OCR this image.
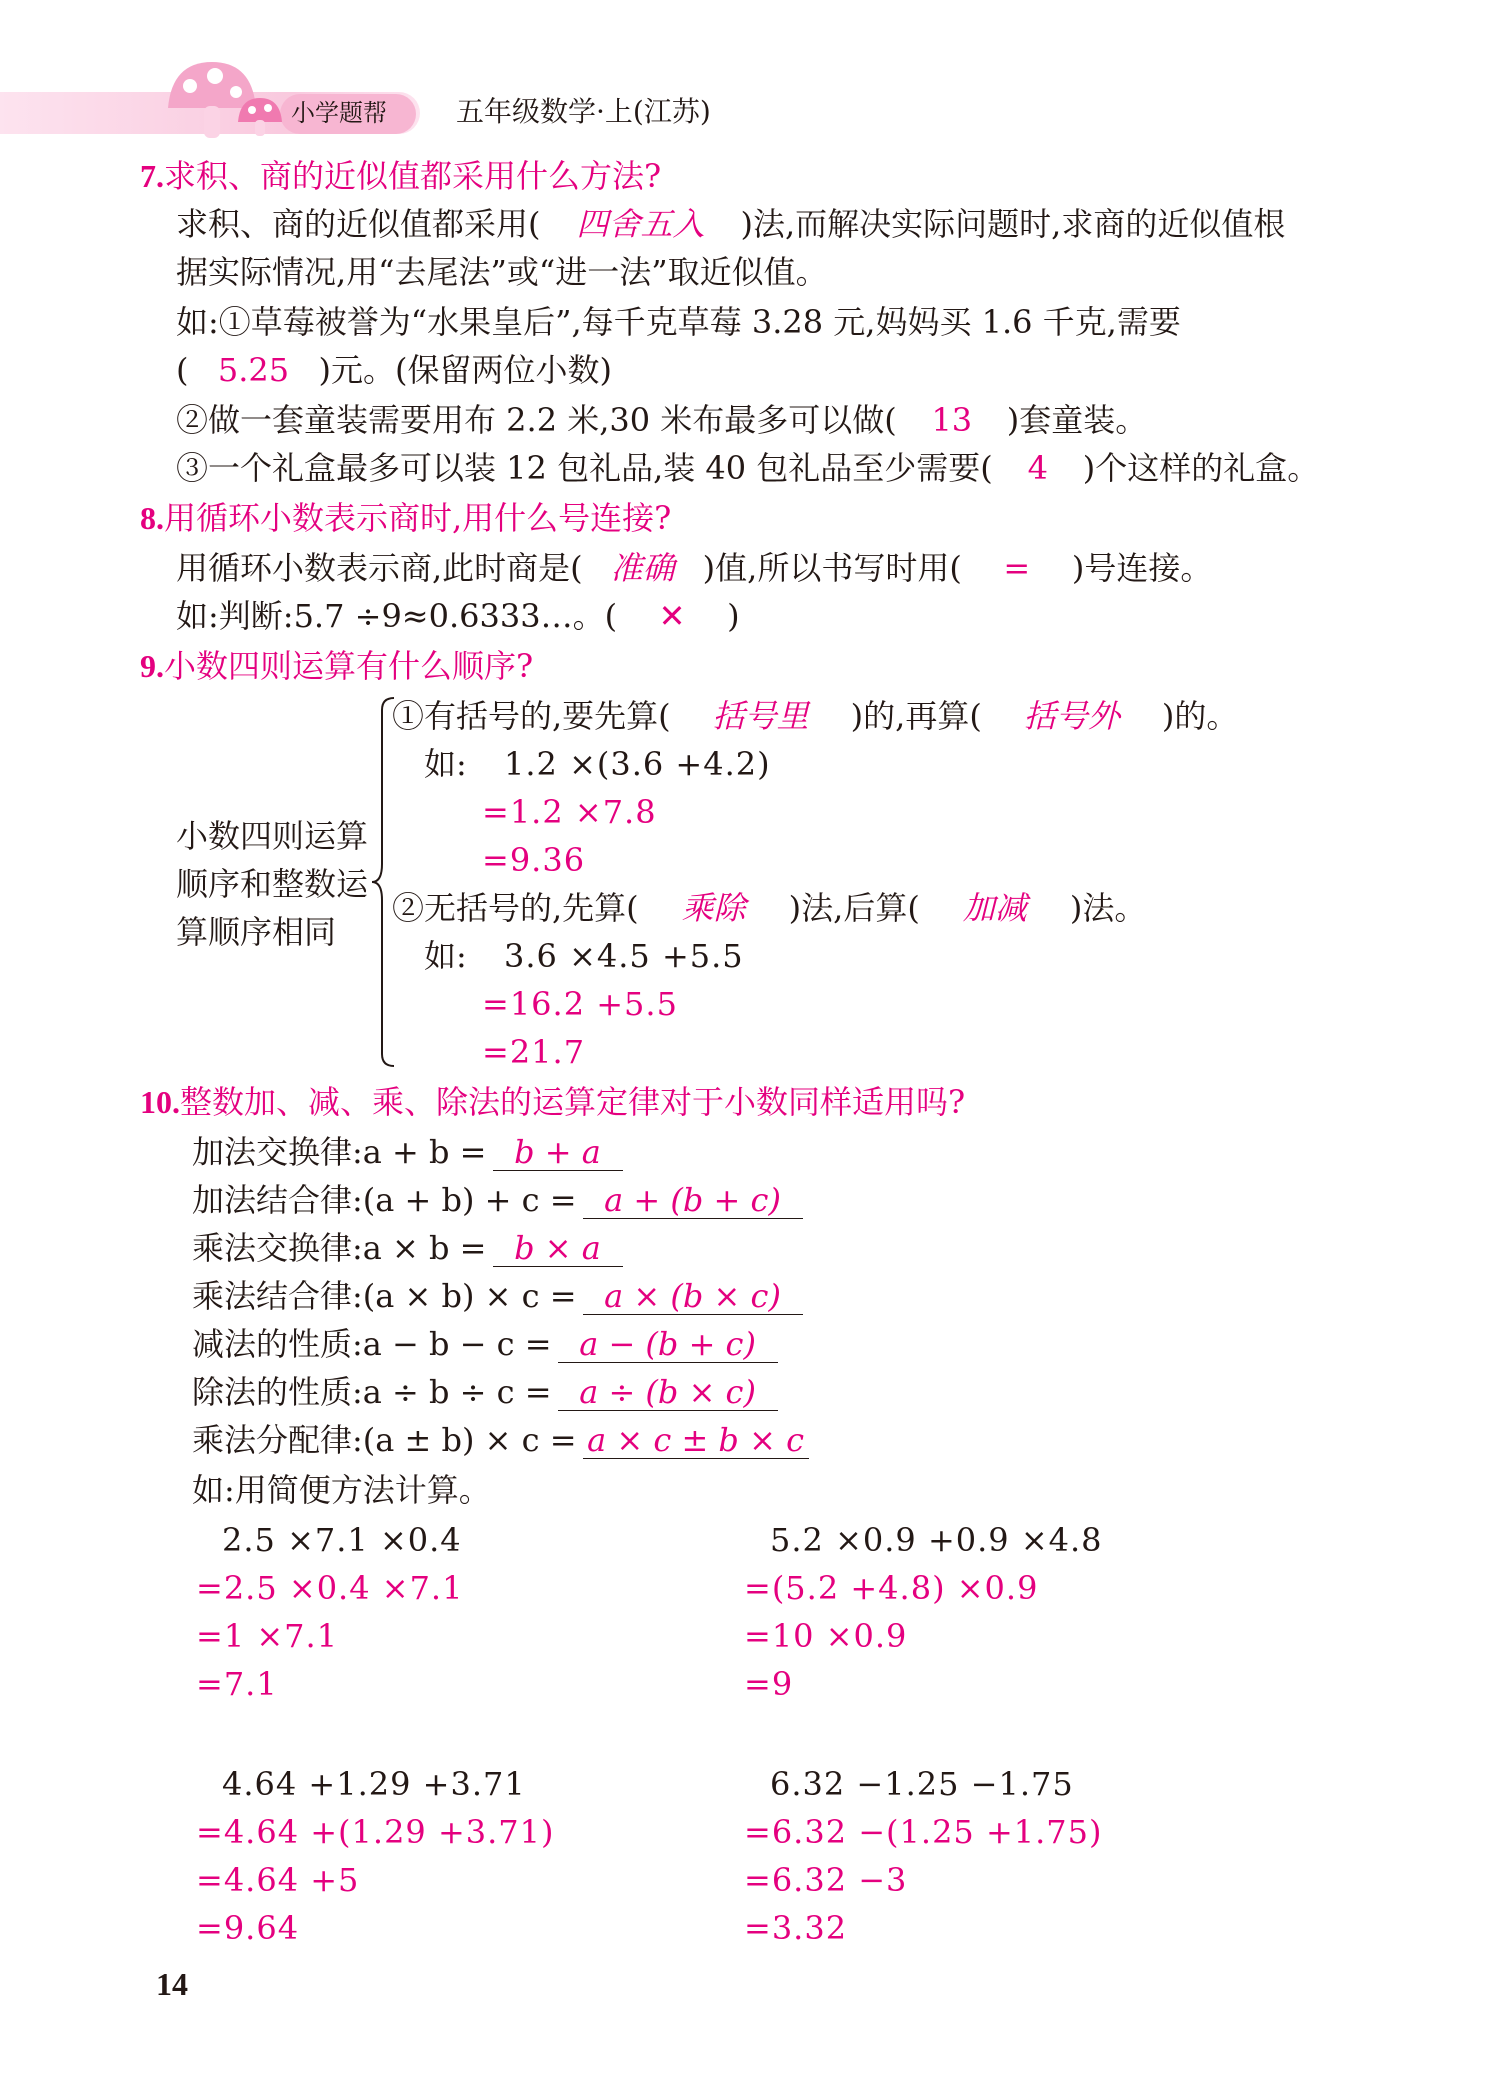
小学题帮 五年级数学·上(江苏)
7.求积、商的近似值都采用什么方法?
求积、商的近似值都采用( 四舍五入 )法,而解决实际问题时,求商的近似值根
据实际情况,用“去尾法”或“进一法”取近似值。
如:①草莓被誉为“水果皇后”,每千克草莓 3.28 元,妈妈买 1.6 千克,需要
( 5.25 )元。(保留两位小数)
②做一套童装需要用布 2.2 米,30 米布最多可以做( 13 )套童装。
③一个礼盒最多可以装 12 包礼品,装 40 包礼品至少需要( 4 )个这样的礼盒。
8.用循环小数表示商时,用什么号连接?
用循环小数表示商,此时商是( 准确 )值,所以书写时用( = )号连接。
如:判断:5.7 ÷9≈0.6333…。( ✕ )
9.小数四则运算有什么顺序?
小数四则运算
顺序和整数运
算顺序相同
①有括号的,要先算( 括号里 )的,再算( 括号外 )的。
如: 1.2 ×(3.6 +4.2)
=1.2 ×7.8
=9.36
②无括号的,先算( 乘除 )法,后算( 加减 )法。
如: 3.6 ×4.5 +5.5
=16.2 +5.5
=21.7
10.整数加、减、乘、除法的运算定律对于小数同样适用吗?
加法交换律:a + b = b + a
加法结合律:(a + b) + c = a + (b + c)
乘法交换律:a × b = b × a
乘法结合律:(a × b) × c = a × (b × c)
减法的性质:a − b − c = a − (b + c)
除法的性质:a ÷ b ÷ c = a ÷ (b × c)
乘法分配律:(a ± b) × c = a × c ± b × c
如:用简便方法计算。
2.5 ×7.1 ×0.4
=2.5 ×0.4 ×7.1
=1 ×7.1
=7.1
5.2 ×0.9 +0.9 ×4.8
=(5.2 +4.8) ×0.9
=10 ×0.9
=9
4.64 +1.29 +3.71
=4.64 +(1.29 +3.71)
=4.64 +5
=9.64
6.32 −1.25 −1.75
=6.32 −(1.25 +1.75)
=6.32 −3
=3.32
14
